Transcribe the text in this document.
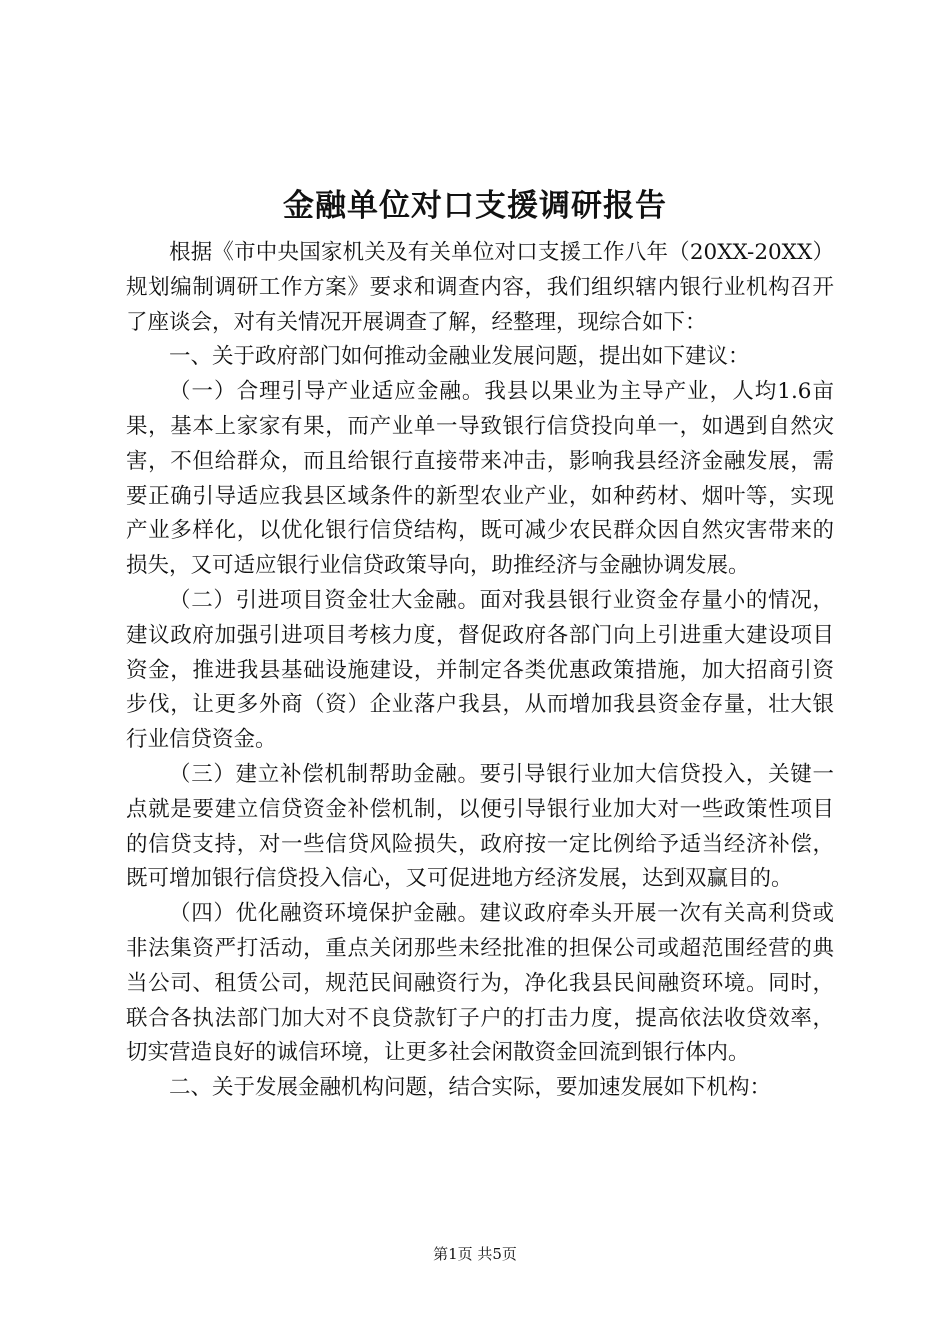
金融单位对口支援调研报告

根据《市中央国家机关及有关单位对口支援工作八年（20XX-20XX）规划编制调研工作方案》要求和调查内容，我们组织辖内银行业机构召开了座谈会，对有关情况开展调查了解，经整理，现综合如下：

一、关于政府部门如何推动金融业发展问题，提出如下建议：

（一）合理引导产业适应金融。我县以果业为主导产业，人均1.6亩果，基本上家家有果，而产业单一导致银行信贷投向单一，如遇到自然灾害，不但给群众，而且给银行直接带来冲击，影响我县经济金融发展，需要正确引导适应我县区域条件的新型农业产业，如种药材、烟叶等，实现产业多样化，以优化银行信贷结构，既可减少农民群众因自然灾害带来的损失，又可适应银行业信贷政策导向，助推经济与金融协调发展。

（二）引进项目资金壮大金融。面对我县银行业资金存量小的情况，建议政府加强引进项目考核力度，督促政府各部门向上引进重大建设项目资金，推进我县基础设施建设，并制定各类优惠政策措施，加大招商引资步伐，让更多外商（资）企业落户我县，从而增加我县资金存量，壮大银行业信贷资金。

（三）建立补偿机制帮助金融。要引导银行业加大信贷投入，关键一点就是要建立信贷资金补偿机制，以便引导银行业加大对一些政策性项目的信贷支持，对一些信贷风险损失，政府按一定比例给予适当经济补偿，既可增加银行信贷投入信心，又可促进地方经济发展，达到双赢目的。

（四）优化融资环境保护金融。建议政府牵头开展一次有关高利贷或非法集资严打活动，重点关闭那些未经批准的担保公司或超范围经营的典当公司、租赁公司，规范民间融资行为，净化我县民间融资环境。同时，联合各执法部门加大对不良贷款钉子户的打击力度，提高依法收贷效率，切实营造良好的诚信环境，让更多社会闲散资金回流到银行体内。

二、关于发展金融机构问题，结合实际，要加速发展如下机构：

第1页 共5页
